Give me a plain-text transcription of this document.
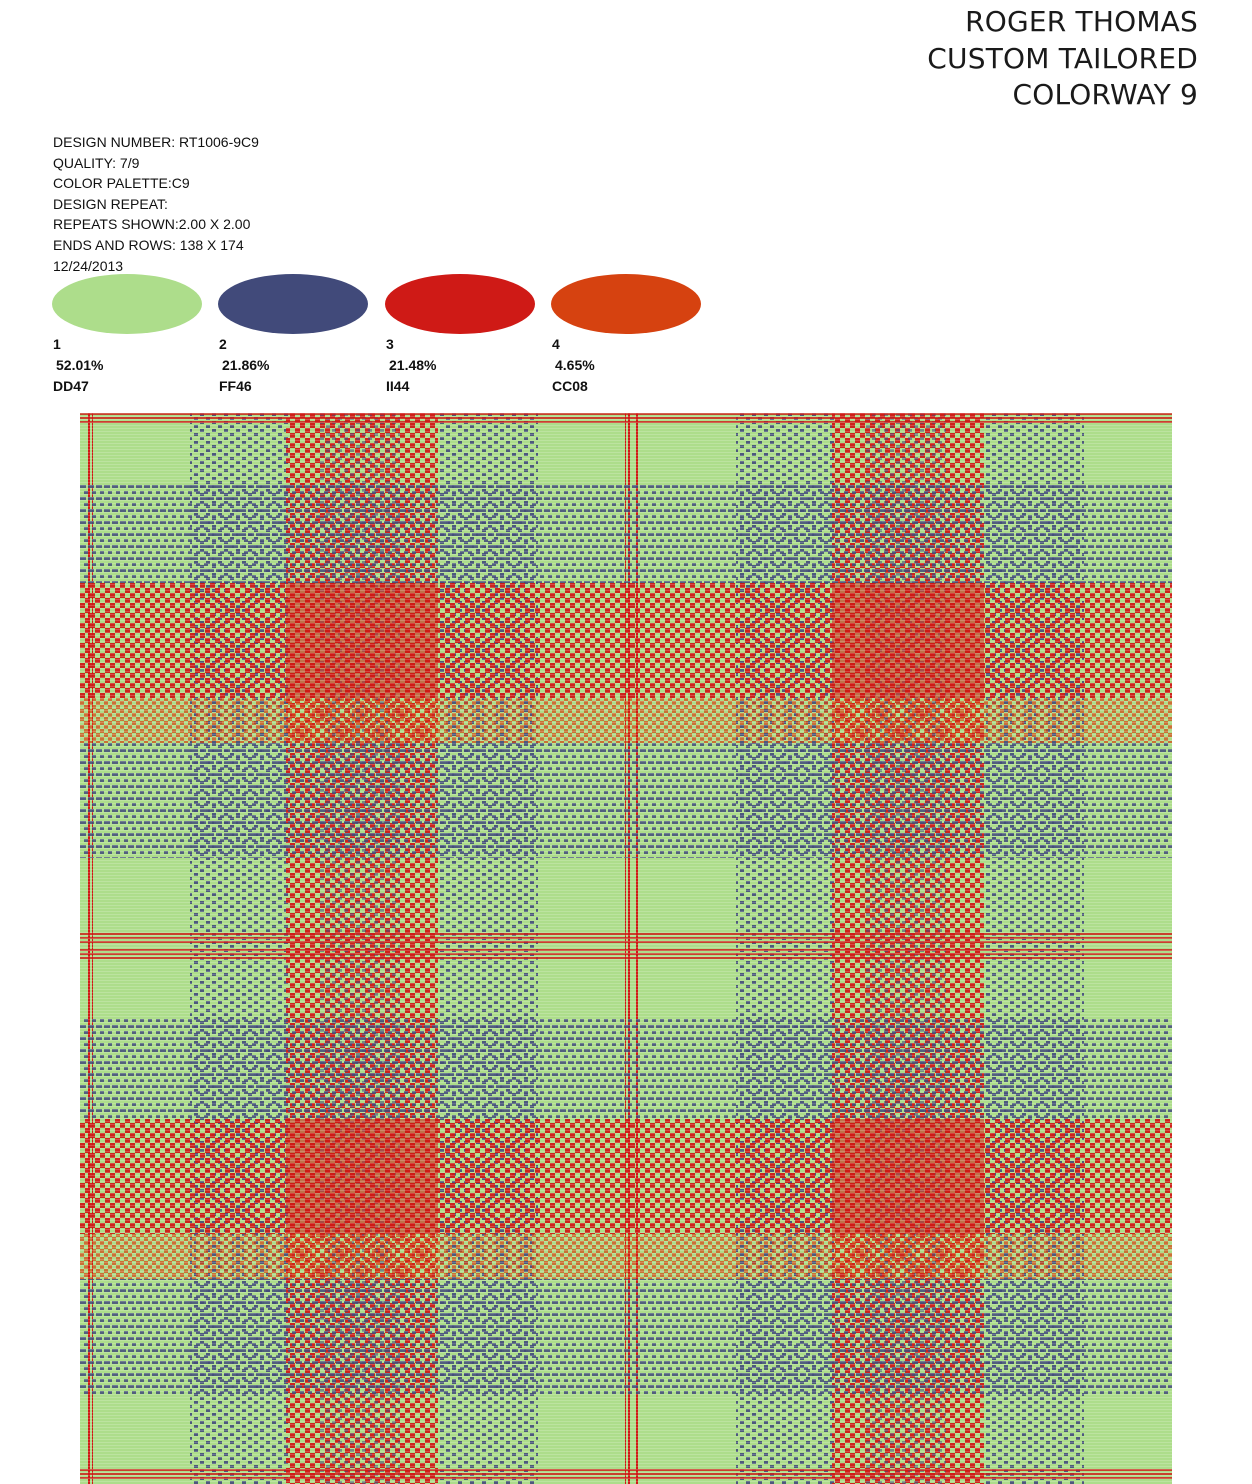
ROGER THOMAS
CUSTOM TAILORED
COLORWAY 9
DESIGN NUMBER: RT1006-9C9
QUALITY: 7/9
COLOR PALETTE:C9
DESIGN REPEAT:
REPEATS SHOWN:2.00 X 2.00
ENDS AND ROWS: 138 X 174
12/24/2013
1
52.01%
DD47
2
21.86%
FF46
3
21.48%
II44
4
4.65%
CC08
